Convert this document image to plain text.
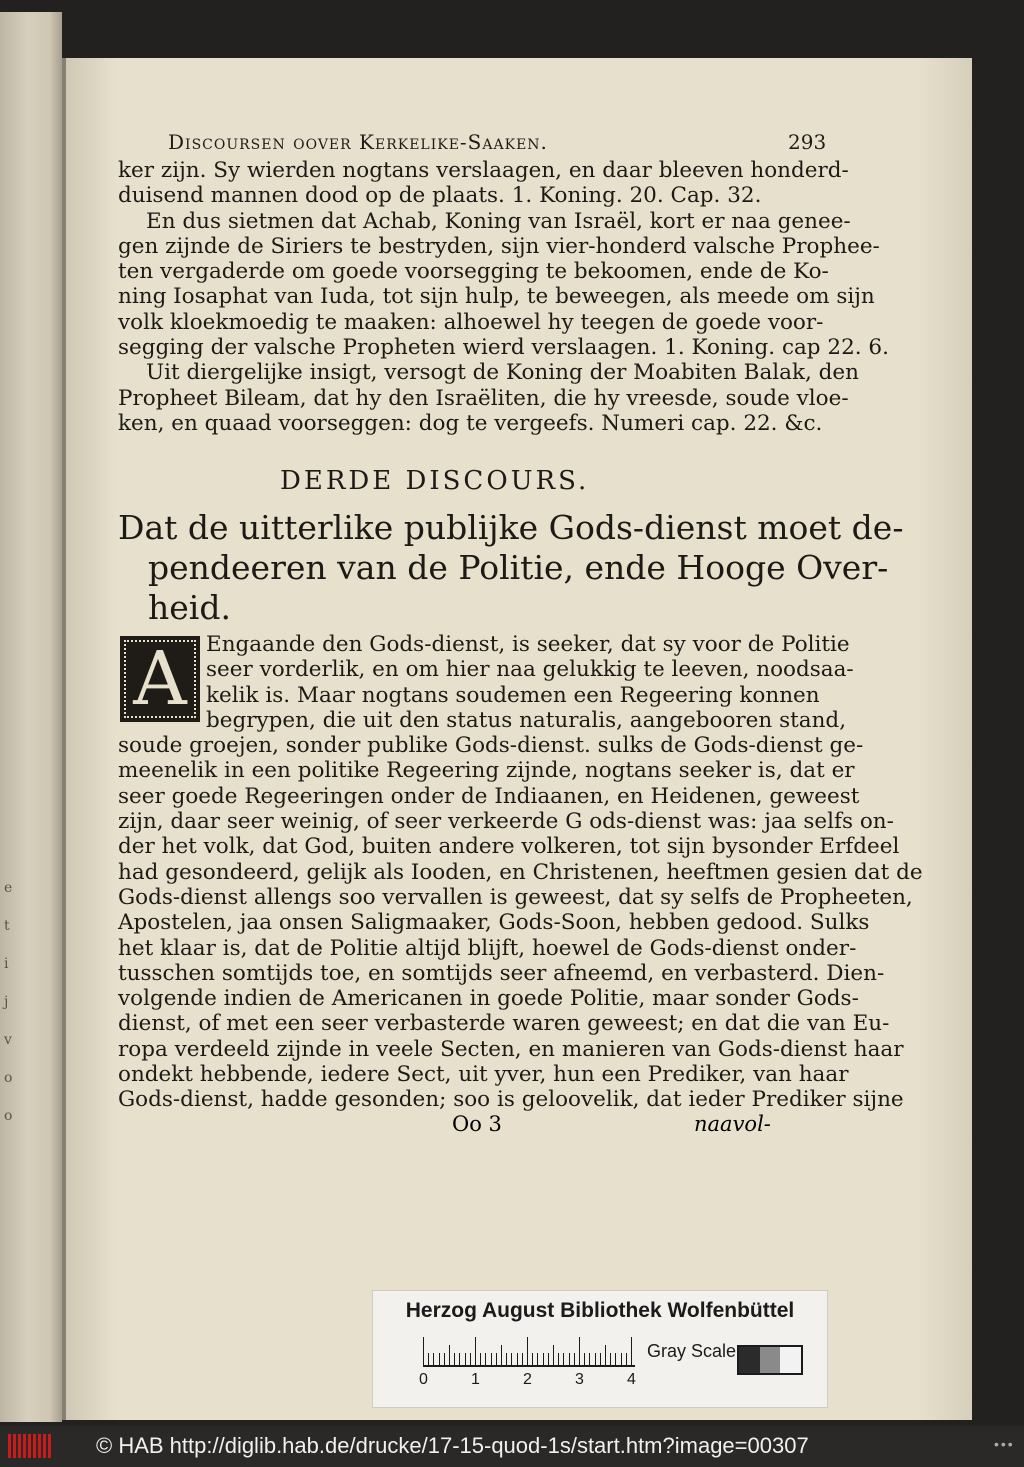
e
t
i
j
v
o
o
Discoursen oover Kerkelike-Saaken.	293
ker zijn. Sy wierden nogtans verslaagen, en daar bleeven honderd-
duisend mannen dood op de plaats. 1. Koning. 20. Cap. 32.
En dus sietmen dat Achab, Koning van Israël, kort er naa genee-
gen zijnde de Siriers te bestryden, sijn vier-honderd valsche Prophee-
ten vergaderde om goede voorsegging te bekoomen, ende de Ko-
ning Iosaphat van Iuda, tot sijn hulp, te beweegen, als meede om sijn
volk kloekmoedig te maaken: alhoewel hy teegen de goede voor-
segging der valsche Propheten wierd verslaagen. 1. Koning. cap 22. 6.
Uit diergelijke insigt, versogt de Koning der Moabiten Balak, den
Propheet Bileam, dat hy den Israëliten, die hy vreesde, soude vloe-
ken, en quaad voorseggen: dog te vergeefs. Numeri cap. 22. &c.
DERDE DISCOURS.
Dat de uitterlike publijke Gods-dienst moet de-
pendeeren van de Politie, ende Hooge Over-
heid.
A Engaande den Gods-dienst, is seeker, dat sy voor de Politie
seer vorderlik, en om hier naa gelukkig te leeven, noodsaa-
kelik is. Maar nogtans soudemen een Regeering konnen
begrypen, die uit den status naturalis, aangebooren stand,
soude groejen, sonder publike Gods-dienst. sulks de Gods-dienst ge-
meenelik in een politike Regeering zijnde, nogtans seeker is, dat er
seer goede Regeeringen onder de Indiaanen, en Heidenen, geweest
zijn, daar seer weinig, of seer verkeerde G ods-dienst was: jaa selfs on-
der het volk, dat God, buiten andere volkeren, tot sijn bysonder Erfdeel
had gesondeerd, gelijk als Iooden, en Christenen, heeftmen gesien dat de
Gods-dienst allengs soo vervallen is geweest, dat sy selfs de Propheeten,
Apostelen, jaa onsen Saligmaaker, Gods-Soon, hebben gedood. Sulks
het klaar is, dat de Politie altijd blijft, hoewel de Gods-dienst onder-
tusschen somtijds toe, en somtijds seer afneemd, en verbasterd. Dien-
volgende indien de Americanen in goede Politie, maar sonder Gods-
dienst, of met een seer verbasterde waren geweest; en dat die van Eu-
ropa verdeeld zijnde in veele Secten, en manieren van Gods-dienst haar
ondekt hebbende, iedere Sect, uit yver, hun een Prediker, van haar
Gods-dienst, hadde gesonden; soo is geloovelik, dat ieder Prediker sijne
Oo 3	naavol-
Herzog August Bibliothek Wolfenbüttel
0	1	2	3	4
Gray Scale
© HAB http://diglib.hab.de/drucke/17-15-quod-1s/start.htm?image=00307	•••
